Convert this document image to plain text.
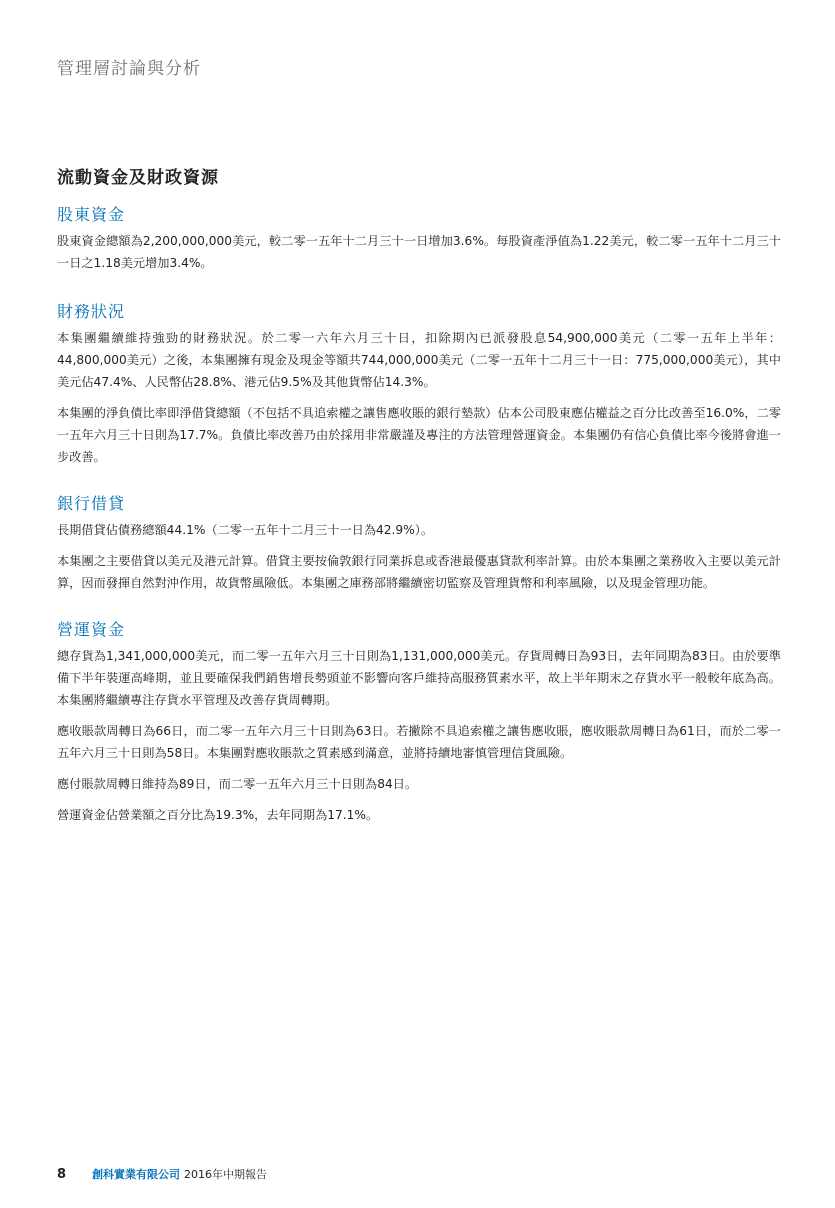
管理層討論與分析
流動資金及財政資源
股東資金

股東資金總額為2,200,000,000美元，較二零一五年十二月三十一日增加3.6%。每股資產淨值為1.22美元，較二零一五年十二月三十一日之1.18美元增加3.4%。

財務狀況

本集團繼續維持強勁的財務狀況。於二零一六年六月三十日，扣除期內已派發股息54,900,000美元（二零一五年上半年：44,800,000美元）之後，本集團擁有現金及現金等額共744,000,000美元（二零一五年十二月三十一日：775,000,000美元），其中美元佔47.4%、人民幣佔28.8%、港元佔9.5%及其他貨幣佔14.3%。

本集團的淨負債比率即淨借貸總額（不包括不具追索權之讓售應收賬的銀行墊款）佔本公司股東應佔權益之百分比改善至16.0%，二零一五年六月三十日則為17.7%。負債比率改善乃由於採用非常嚴謹及專注的方法管理營運資金。本集團仍有信心負債比率今後將會進一步改善。

銀行借貸

長期借貸佔債務總額44.1%（二零一五年十二月三十一日為42.9%）。

本集團之主要借貸以美元及港元計算。借貸主要按倫敦銀行同業拆息或香港最優惠貸款利率計算。由於本集團之業務收入主要以美元計算，因而發揮自然對沖作用，故貨幣風險低。本集團之庫務部將繼續密切監察及管理貨幣和利率風險，以及現金管理功能。

營運資金

總存貨為1,341,000,000美元，而二零一五年六月三十日則為1,131,000,000美元。存貨周轉日為93日，去年同期為83日。由於要準備下半年裝運高峰期，並且要確保我們銷售增長勢頭並不影響向客戶維持高服務質素水平，故上半年期末之存貨水平一般較年底為高。本集團將繼續專注存貨水平管理及改善存貨周轉期。

應收賬款周轉日為66日，而二零一五年六月三十日則為63日。若撇除不具追索權之讓售應收賬，應收賬款周轉日為61日，而於二零一五年六月三十日則為58日。本集團對應收賬款之質素感到滿意，並將持續地審慎管理信貸風險。

應付賬款周轉日維持為89日，而二零一五年六月三十日則為84日。

營運資金佔營業額之百分比為19.3%，去年同期為17.1%。

8 創科實業有限公司 2016年中期報告
